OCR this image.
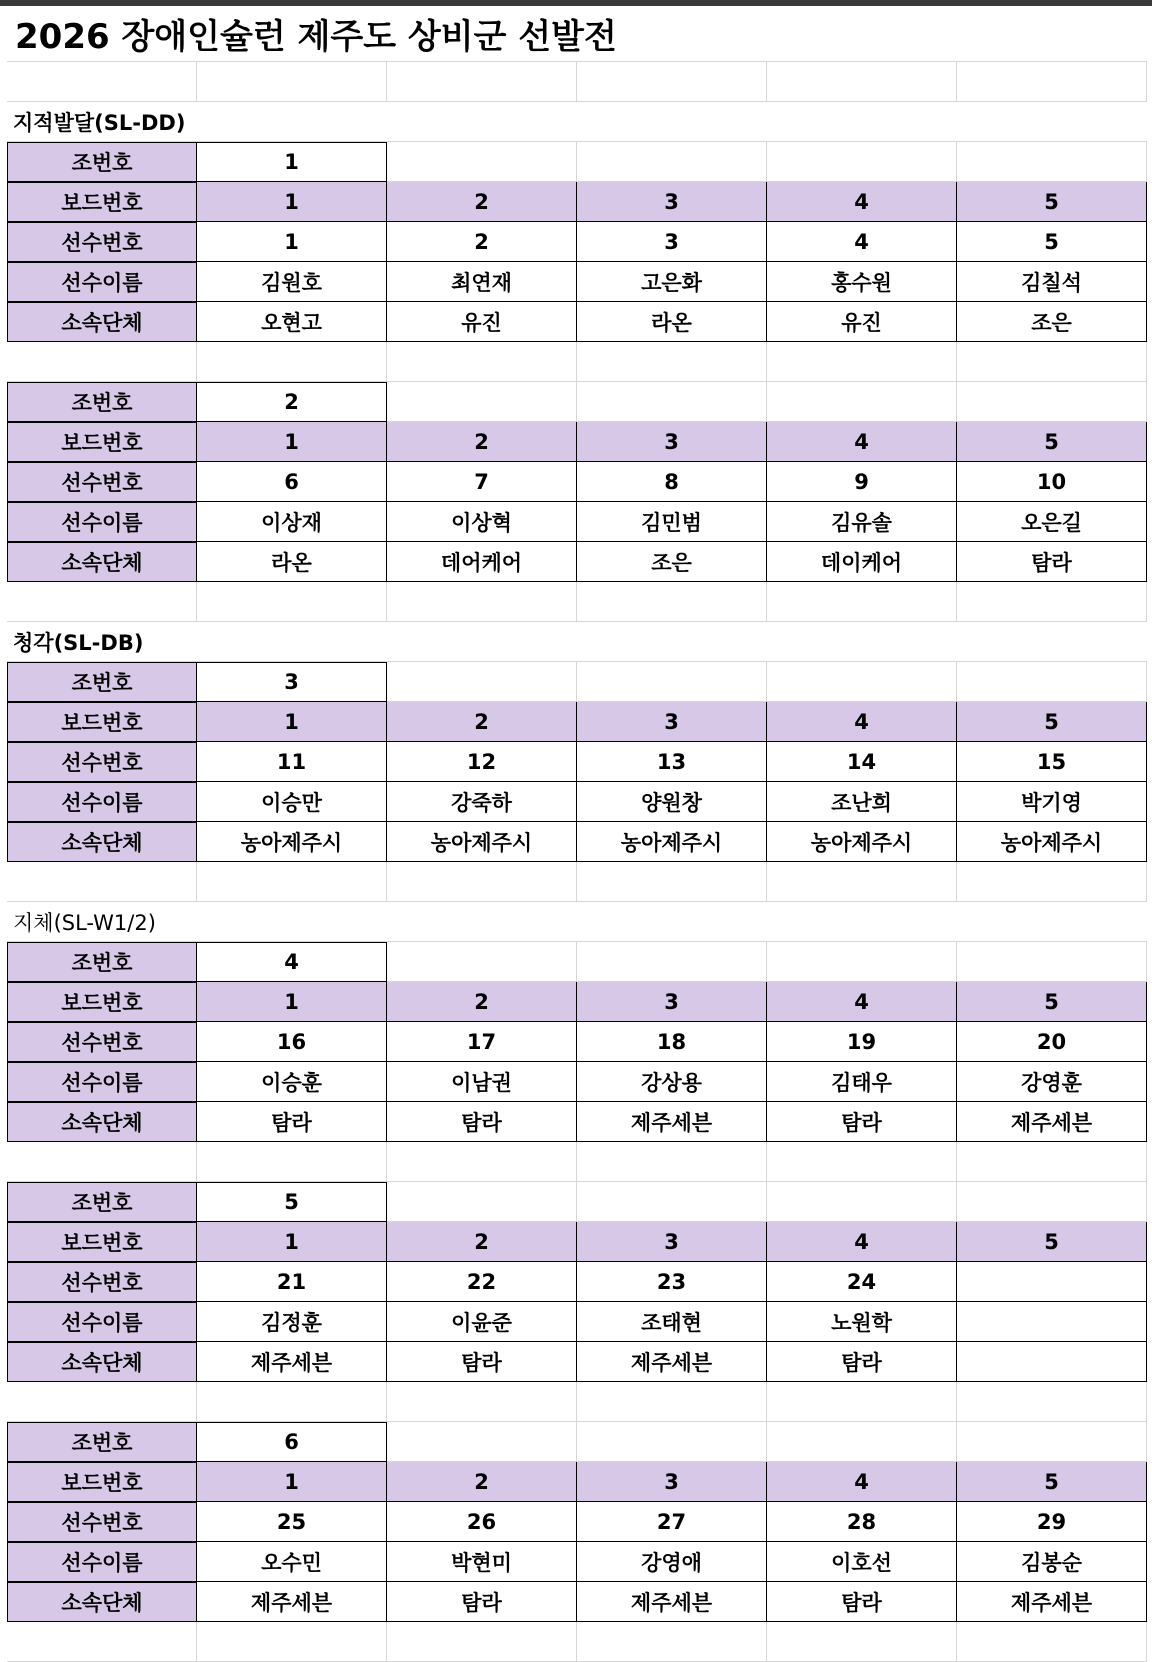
2026 장애인슐런 제주도 상비군 선발전
지적발달(SL-DD)
조번호	1
보드번호	1	2	3	4	5
선수번호	1	2	3	4	5
선수이름	김원호	최연재	고은화	홍수원	김칠석
소속단체	오현고	유진	라온	유진	조은
조번호	2
보드번호	1	2	3	4	5
선수번호	6	7	8	9	10
선수이름	이상재	이상혁	김민범	김유솔	오은길
소속단체	라온	데어케어	조은	데이케어	탐라
청각(SL-DB)
조번호	3
보드번호	1	2	3	4	5
선수번호	11	12	13	14	15
선수이름	이승만	강죽하	양원창	조난희	박기영
소속단체	농아제주시	농아제주시	농아제주시	농아제주시	농아제주시
지체(SL-W1/2)
조번호	4
보드번호	1	2	3	4	5
선수번호	16	17	18	19	20
선수이름	이승훈	이남권	강상용	김태우	강영훈
소속단체	탐라	탐라	제주세븐	탐라	제주세븐
조번호	5
보드번호	1	2	3	4	5
선수번호	21	22	23	24
선수이름	김정훈	이윤준	조태현	노원학
소속단체	제주세븐	탐라	제주세븐	탐라
조번호	6
보드번호	1	2	3	4	5
선수번호	25	26	27	28	29
선수이름	오수민	박현미	강영애	이호선	김봉순
소속단체	제주세븐	탐라	제주세븐	탐라	제주세븐
